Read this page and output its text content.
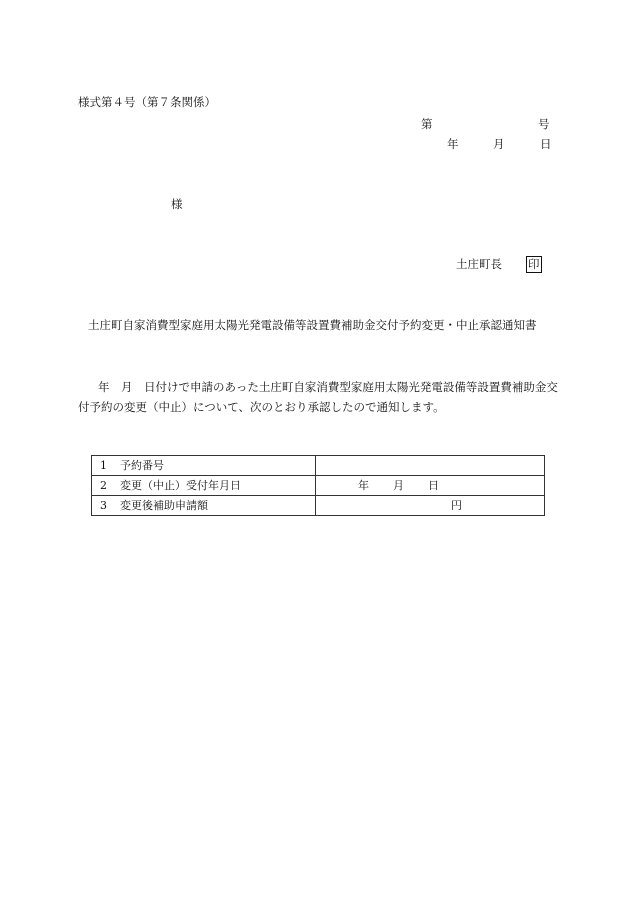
様式第４号（第７条関係）
第	号
年	月	日
様
土庄町長 印
土庄町自家消費型家庭用太陽光発電設備等設置費補助金交付予約変更・中止承認通知書
年　月　日付けで申請のあった土庄町自家消費型家庭用太陽光発電設備等設置費補助金交付予約の変更（中止）について、次のとおり承認したので通知します。
1 予約番号	
2 変更（中止）受付年月日	年 月 日

3 変更後補助申請額	円
